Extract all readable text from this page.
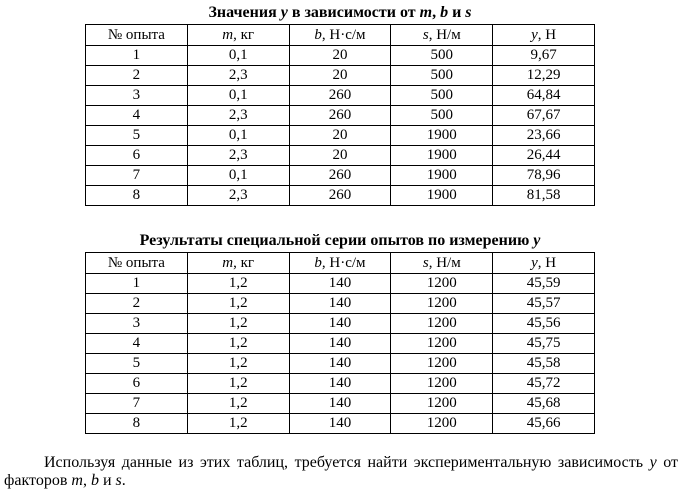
Значения y в зависимости от m, b и s
№ опыта	m, кг	b, Н·с/м	s, Н/м	y, Н
1	0,1	20	500	9,67
2	2,3	20	500	12,29
3	0,1	260	500	64,84
4	2,3	260	500	67,67
5	0,1	20	1900	23,66
6	2,3	20	1900	26,44
7	0,1	260	1900	78,96
8	2,3	260	1900	81,58
Результаты специальной серии опытов по измерению y
№ опыта	m, кг	b, Н·с/м	s, Н/м	y, Н
1	1,2	140	1200	45,59
2	1,2	140	1200	45,57
3	1,2	140	1200	45,56
4	1,2	140	1200	45,75
5	1,2	140	1200	45,58
6	1,2	140	1200	45,72
7	1,2	140	1200	45,68
8	1,2	140	1200	45,66

Используя данные из этих таблиц, требуется найти экспериментальную зависимость y от факторов m, b и s.
